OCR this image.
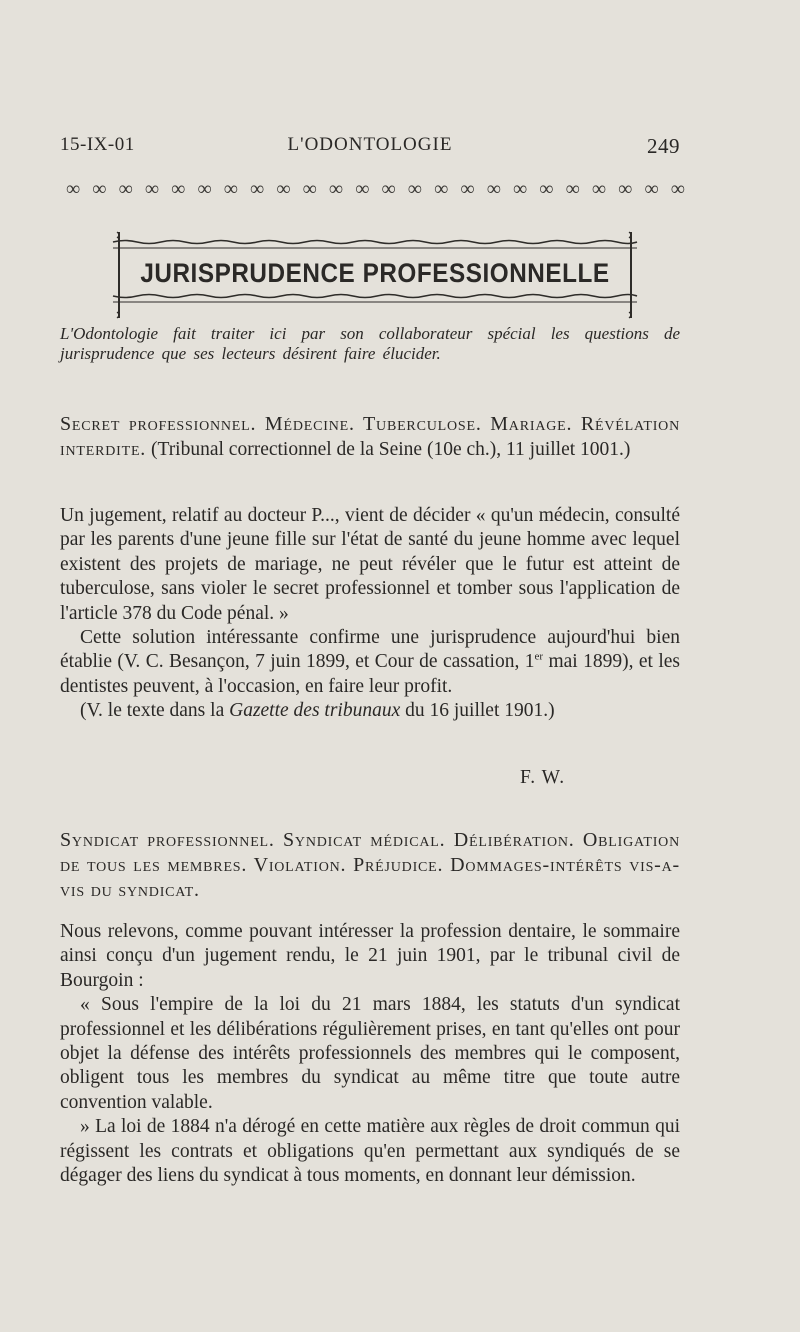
15-IX-01	L'ODONTOLOGIE	249
∞ ∞ ∞ ∞ ∞ ∞ ∞ ∞ ∞ ∞ ∞ ∞ ∞ ∞ ∞ ∞ ∞ ∞ ∞ ∞ ∞ ∞ ∞ ∞
JURISPRUDENCE PROFESSIONNELLE
L'Odontologie fait traiter ici par son collaborateur spécial les questions de jurisprudence que ses lecteurs désirent faire élucider.
Secret professionnel. Médecine. Tuberculose. Mariage. Révélation interdite. (Tribunal correctionnel de la Seine (10e ch.), 11 juillet 1001.)

Un jugement, relatif au docteur P..., vient de décider « qu'un médecin, consulté par les parents d'une jeune fille sur l'état de santé du jeune homme avec lequel existent des projets de mariage, ne peut révéler que le futur est atteint de tuberculose, sans violer le secret professionnel et tomber sous l'application de l'article 378 du Code pénal. »

Cette solution intéressante confirme une jurisprudence aujourd'hui bien établie (V. C. Besançon, 7 juin 1899, et Cour de cassation, 1er mai 1899), et les dentistes peuvent, à l'occasion, en faire leur profit.

(V. le texte dans la Gazette des tribunaux du 16 juillet 1901.)

F. W.
Syndicat professionnel. Syndicat médical. Délibération. Obligation de tous les membres. Violation. Préjudice. Dommages-intérêts vis-a-vis du syndicat.

Nous relevons, comme pouvant intéresser la profession dentaire, le sommaire ainsi conçu d'un jugement rendu, le 21 juin 1901, par le tribunal civil de Bourgoin :

« Sous l'empire de la loi du 21 mars 1884, les statuts d'un syndicat professionnel et les délibérations régulièrement prises, en tant qu'elles ont pour objet la défense des intérêts professionnels des membres qui le composent, obligent tous les membres du syndicat au même titre que toute autre convention valable.

» La loi de 1884 n'a dérogé en cette matière aux règles de droit commun qui régissent les contrats et obligations qu'en permettant aux syndiqués de se dégager des liens du syndicat à tous moments, en donnant leur démission.
